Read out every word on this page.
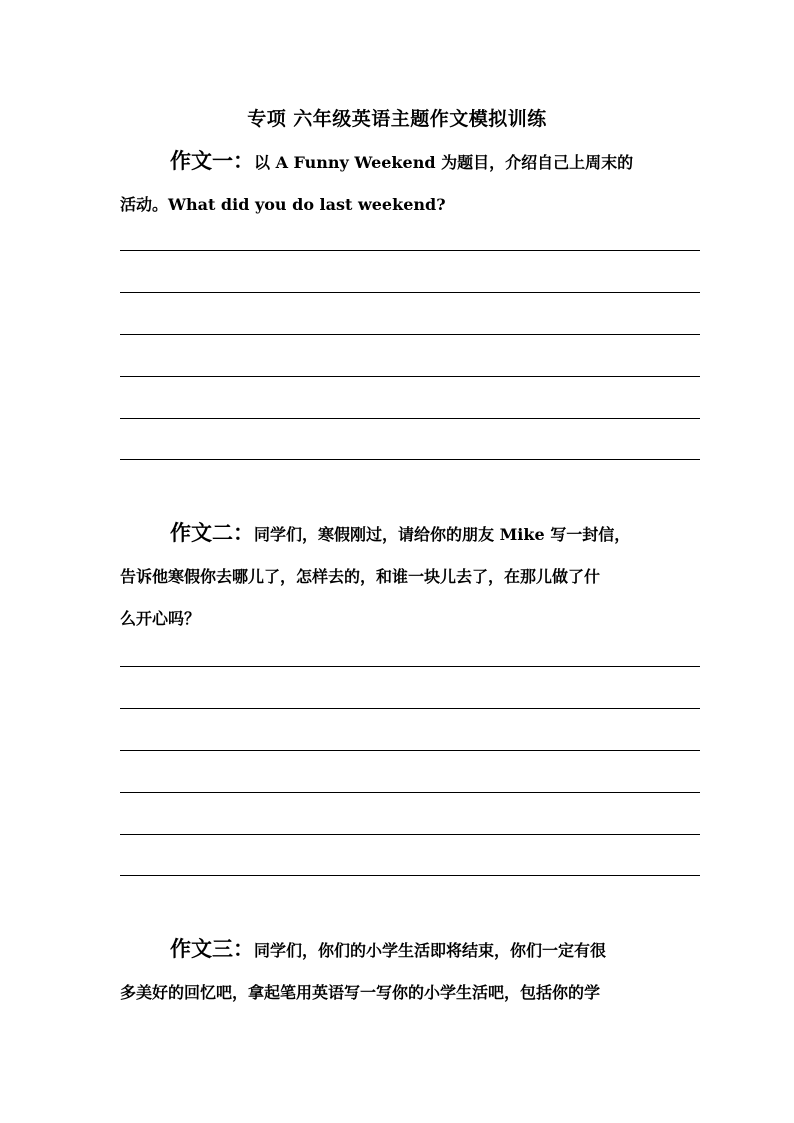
专项 六年级英语主题作文模拟训练
作文一：以 A Funny Weekend 为题目，介绍自己上周末的
活动。What did you do last weekend?
作文二：同学们，寒假刚过，请给你的朋友 Mike 写一封信，
告诉他寒假你去哪儿了，怎样去的，和谁一块儿去了，在那儿做了什
么开心吗？
作文三：同学们，你们的小学生活即将结束，你们一定有很
多美好的回忆吧，拿起笔用英语写一写你的小学生活吧，包括你的学
